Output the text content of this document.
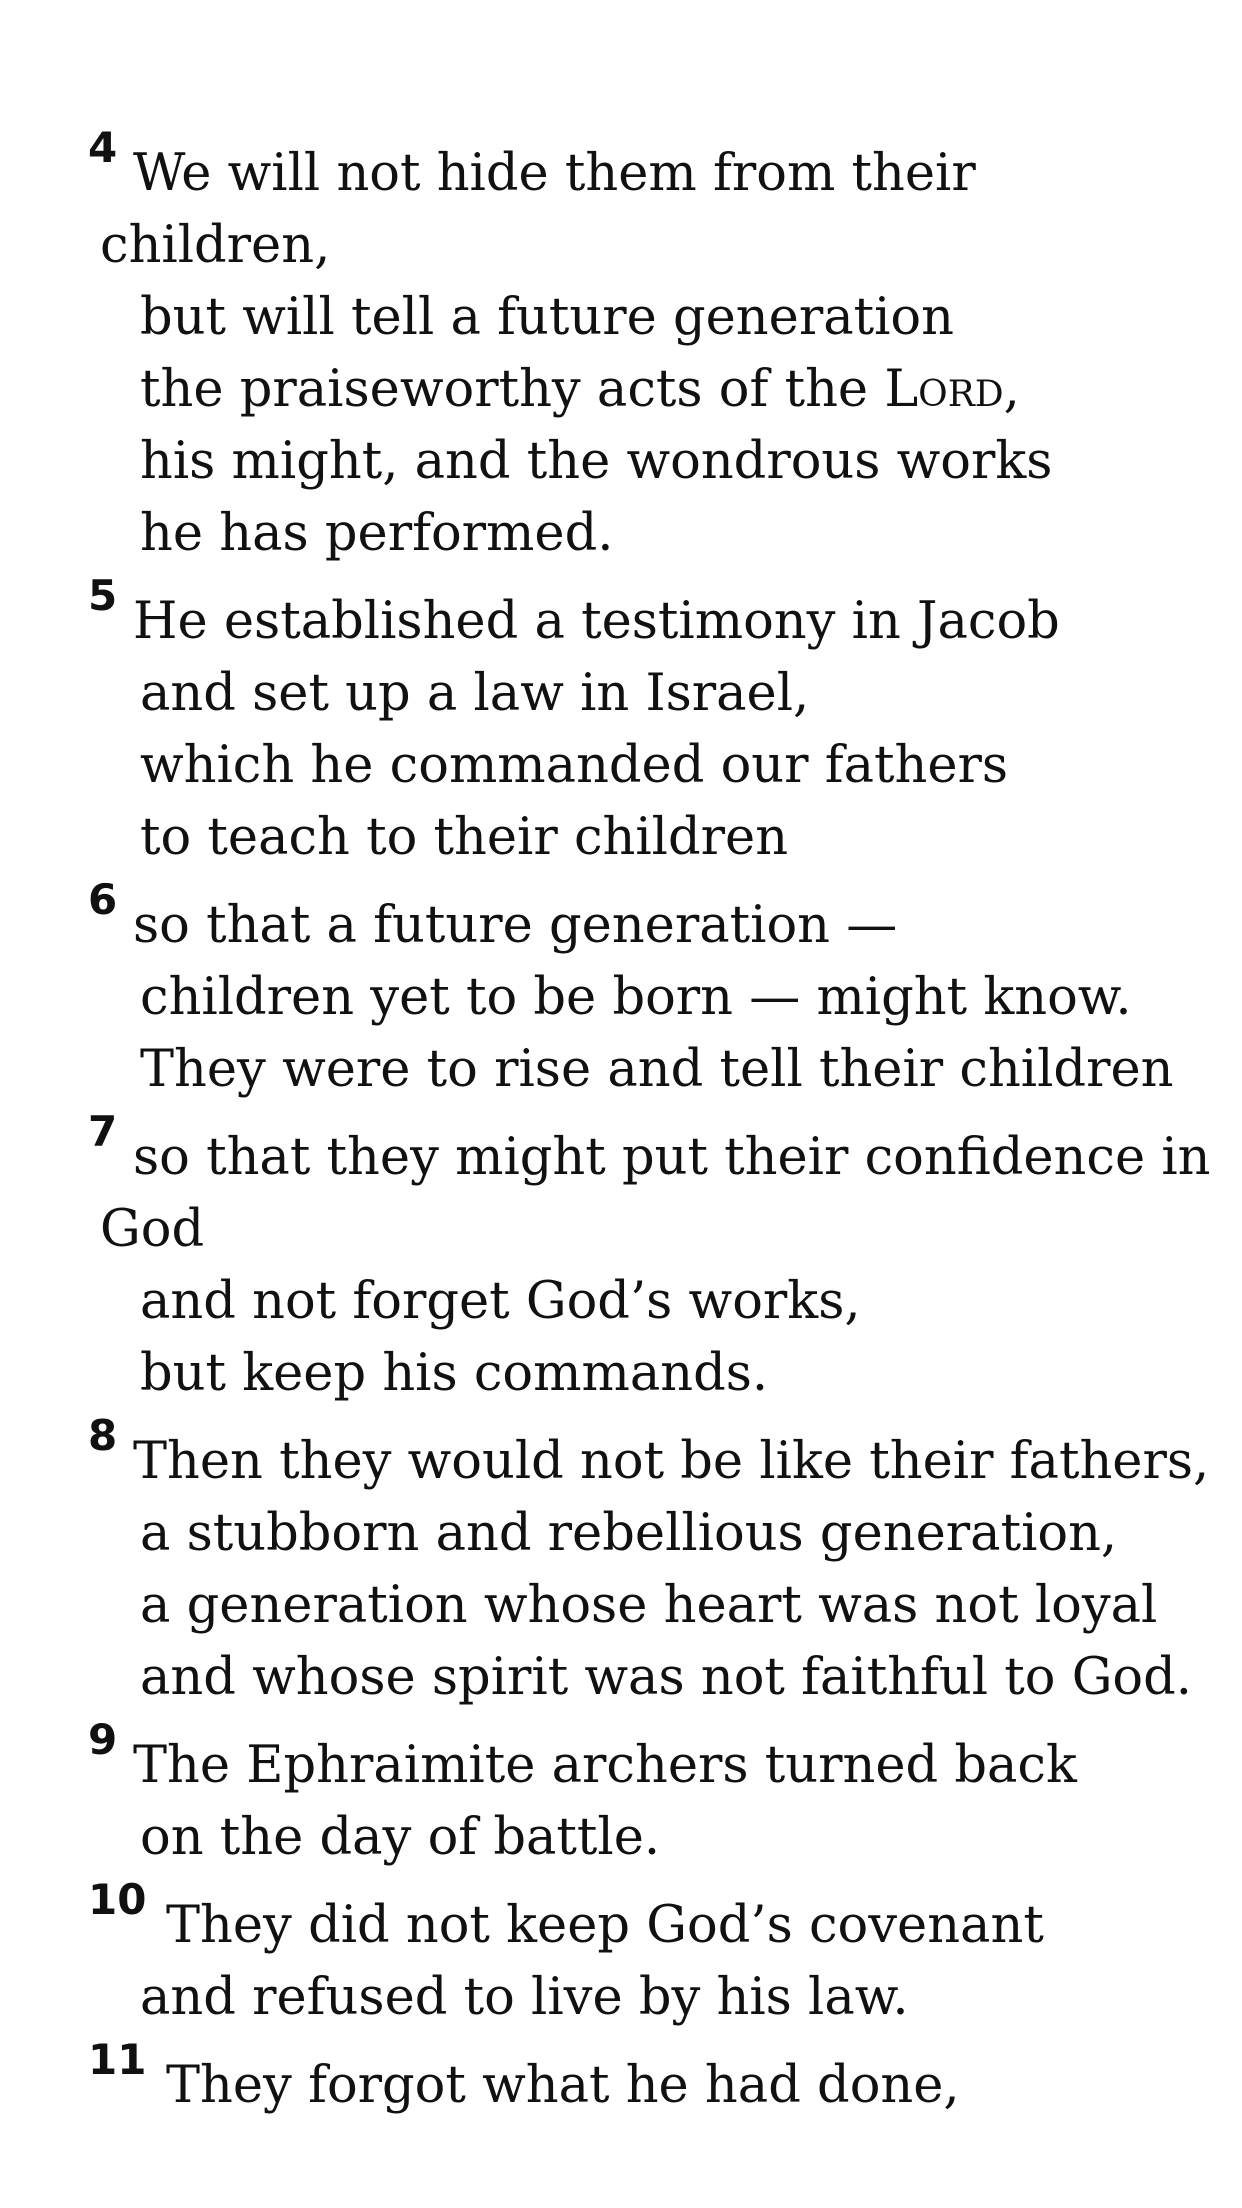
4 We will not hide them from their
children,
but will tell a future generation
the praiseworthy acts of the Lord,
his might, and the wondrous works
he has performed.
5 He established a testimony in Jacob
and set up a law in Israel,
which he commanded our fathers
to teach to their children
6 so that a future generation —
children yet to be born — might know.
They were to rise and tell their children
7 so that they might put their confidence in
God
and not forget God’s works,
but keep his commands.
8 Then they would not be like their fathers,
a stubborn and rebellious generation,
a generation whose heart was not loyal
and whose spirit was not faithful to God.
9 The Ephraimite archers turned back
on the day of battle.
10 They did not keep God’s covenant
and refused to live by his law.
11 They forgot what he had done,
